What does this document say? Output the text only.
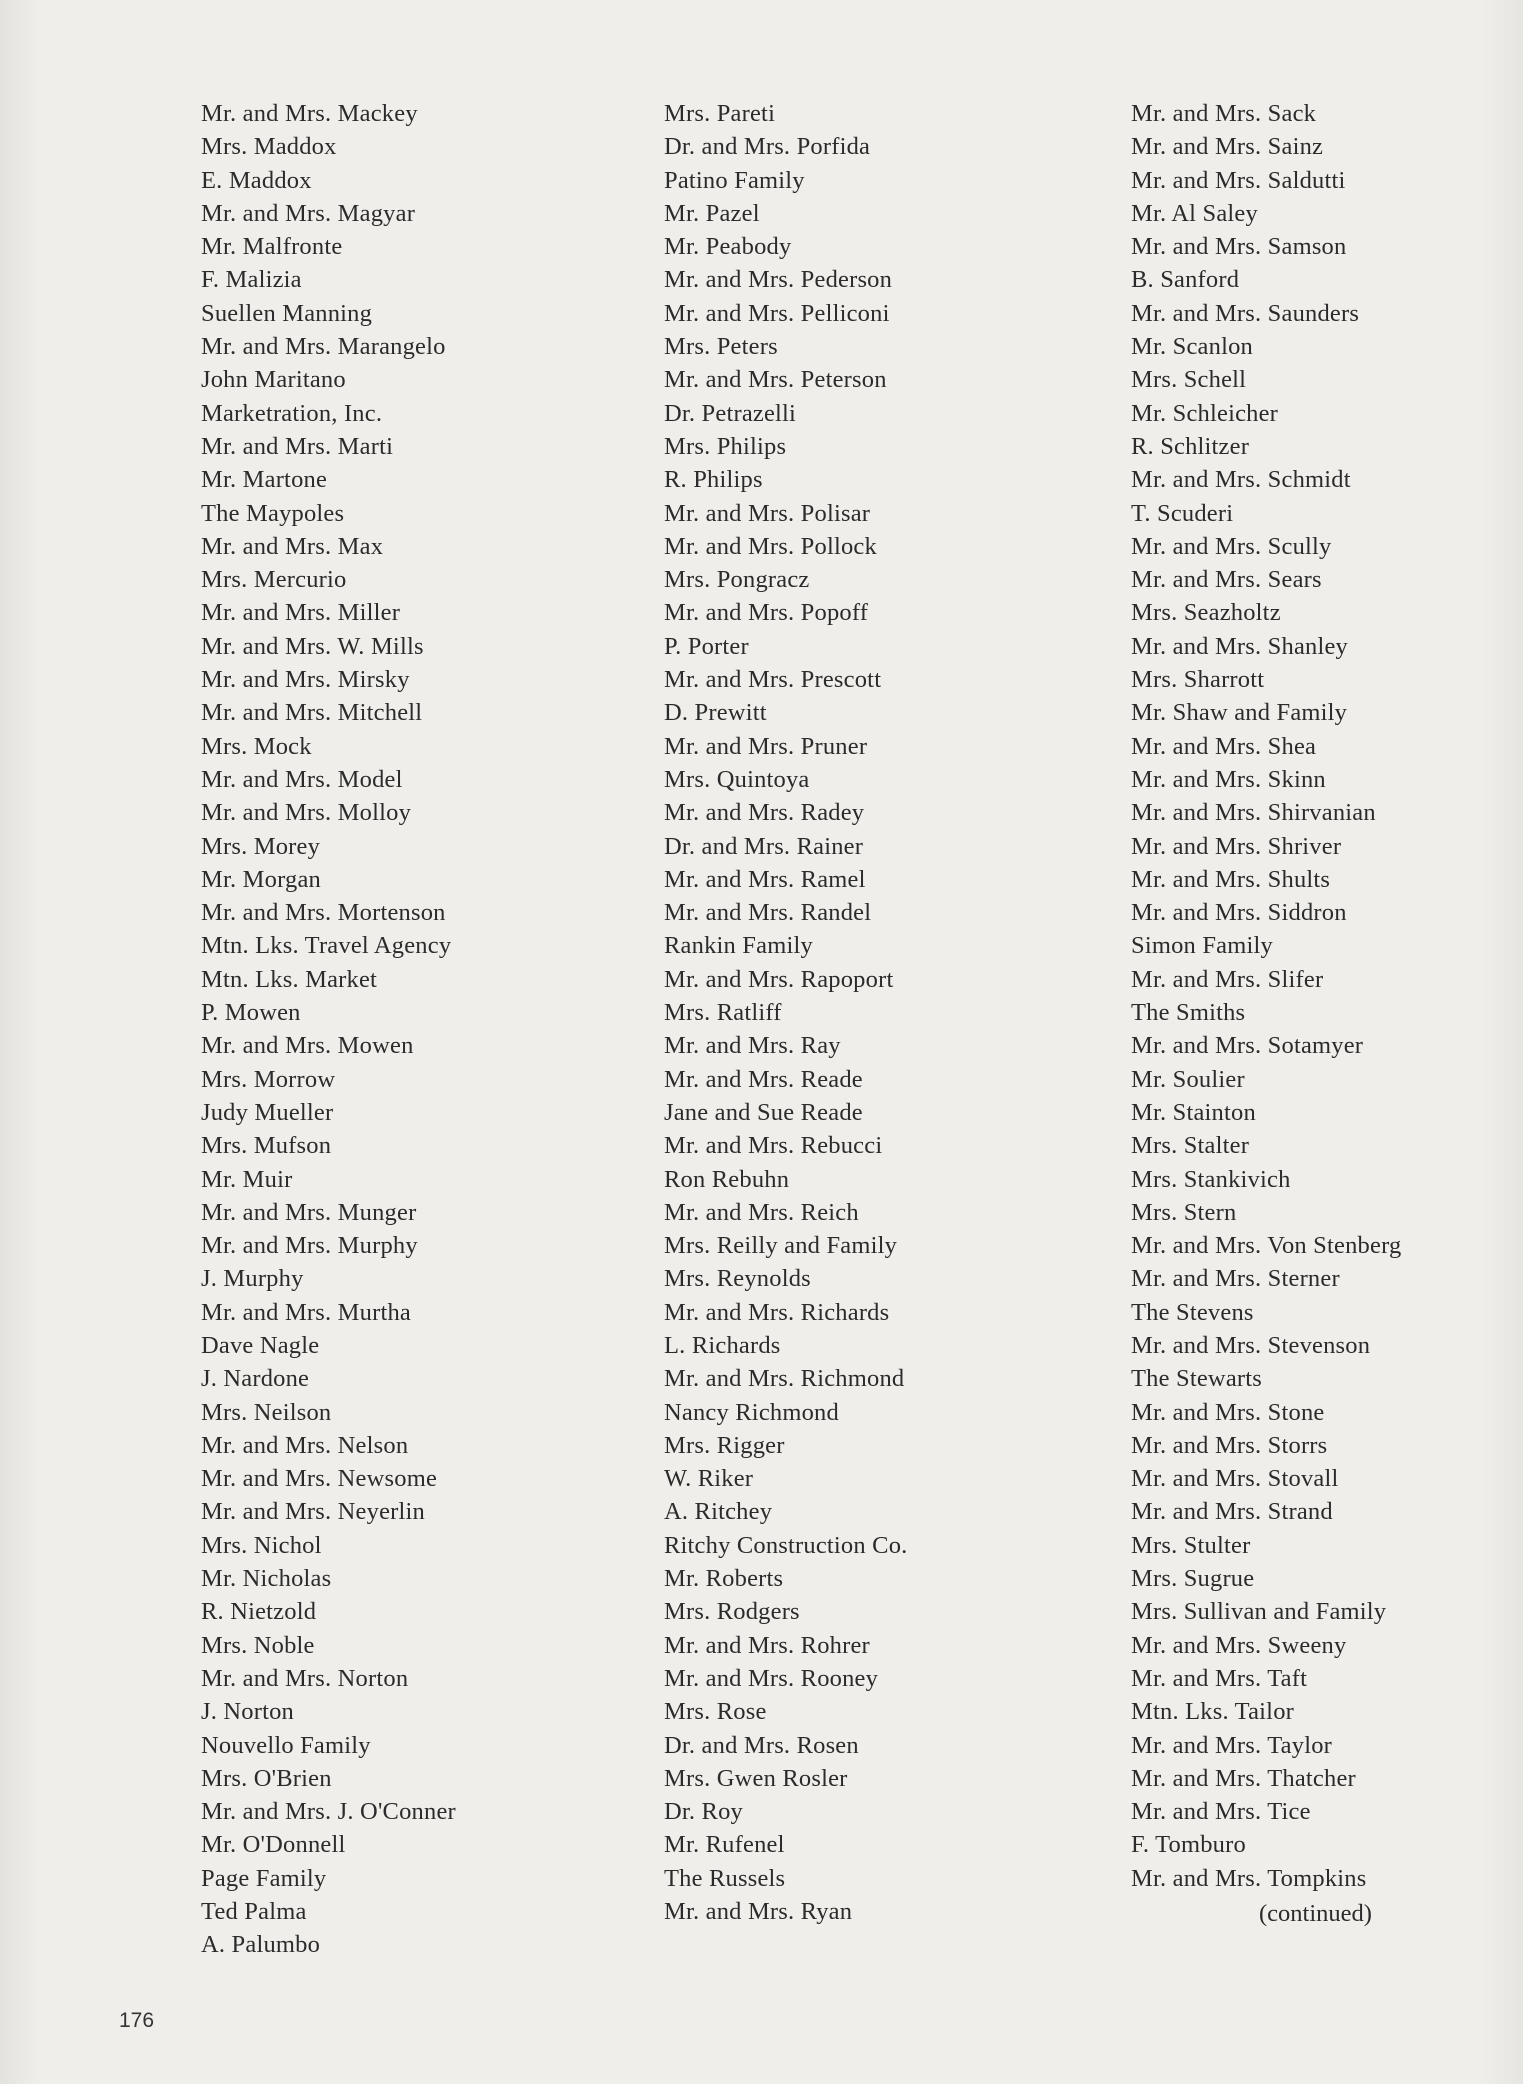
Mr. and Mrs. Mackey
Mrs. Maddox
E. Maddox
Mr. and Mrs. Magyar
Mr. Malfronte
F. Malizia
Suellen Manning
Mr. and Mrs. Marangelo
John Maritano
Marketration, Inc.
Mr. and Mrs. Marti
Mr. Martone
The Maypoles
Mr. and Mrs. Max
Mrs. Mercurio
Mr. and Mrs. Miller
Mr. and Mrs. W. Mills
Mr. and Mrs. Mirsky
Mr. and Mrs. Mitchell
Mrs. Mock
Mr. and Mrs. Model
Mr. and Mrs. Molloy
Mrs. Morey
Mr. Morgan
Mr. and Mrs. Mortenson
Mtn. Lks. Travel Agency
Mtn. Lks. Market
P. Mowen
Mr. and Mrs. Mowen
Mrs. Morrow
Judy Mueller
Mrs. Mufson
Mr. Muir
Mr. and Mrs. Munger
Mr. and Mrs. Murphy
J. Murphy
Mr. and Mrs. Murtha
Dave Nagle
J. Nardone
Mrs. Neilson
Mr. and Mrs. Nelson
Mr. and Mrs. Newsome
Mr. and Mrs. Neyerlin
Mrs. Nichol
Mr. Nicholas
R. Nietzold
Mrs. Noble
Mr. and Mrs. Norton
J. Norton
Nouvello Family
Mrs. O'Brien
Mr. and Mrs. J. O'Conner
Mr. O'Donnell
Page Family
Ted Palma
A. Palumbo
Mrs. Pareti
Dr. and Mrs. Porfida
Patino Family
Mr. Pazel
Mr. Peabody
Mr. and Mrs. Pederson
Mr. and Mrs. Pelliconi
Mrs. Peters
Mr. and Mrs. Peterson
Dr. Petrazelli
Mrs. Philips
R. Philips
Mr. and Mrs. Polisar
Mr. and Mrs. Pollock
Mrs. Pongracz
Mr. and Mrs. Popoff
P. Porter
Mr. and Mrs. Prescott
D. Prewitt
Mr. and Mrs. Pruner
Mrs. Quintoya
Mr. and Mrs. Radey
Dr. and Mrs. Rainer
Mr. and Mrs. Ramel
Mr. and Mrs. Randel
Rankin Family
Mr. and Mrs. Rapoport
Mrs. Ratliff
Mr. and Mrs. Ray
Mr. and Mrs. Reade
Jane and Sue Reade
Mr. and Mrs. Rebucci
Ron Rebuhn
Mr. and Mrs. Reich
Mrs. Reilly and Family
Mrs. Reynolds
Mr. and Mrs. Richards
L. Richards
Mr. and Mrs. Richmond
Nancy Richmond
Mrs. Rigger
W. Riker
A. Ritchey
Ritchy Construction Co.
Mr. Roberts
Mrs. Rodgers
Mr. and Mrs. Rohrer
Mr. and Mrs. Rooney
Mrs. Rose
Dr. and Mrs. Rosen
Mrs. Gwen Rosler
Dr. Roy
Mr. Rufenel
The Russels
Mr. and Mrs. Ryan
Mr. and Mrs. Sack
Mr. and Mrs. Sainz
Mr. and Mrs. Saldutti
Mr. Al Saley
Mr. and Mrs. Samson
B. Sanford
Mr. and Mrs. Saunders
Mr. Scanlon
Mrs. Schell
Mr. Schleicher
R. Schlitzer
Mr. and Mrs. Schmidt
T. Scuderi
Mr. and Mrs. Scully
Mr. and Mrs. Sears
Mrs. Seazholtz
Mr. and Mrs. Shanley
Mrs. Sharrott
Mr. Shaw and Family
Mr. and Mrs. Shea
Mr. and Mrs. Skinn
Mr. and Mrs. Shirvanian
Mr. and Mrs. Shriver
Mr. and Mrs. Shults
Mr. and Mrs. Siddron
Simon Family
Mr. and Mrs. Slifer
The Smiths
Mr. and Mrs. Sotamyer
Mr. Soulier
Mr. Stainton
Mrs. Stalter
Mrs. Stankivich
Mrs. Stern
Mr. and Mrs. Von Stenberg
Mr. and Mrs. Sterner
The Stevens
Mr. and Mrs. Stevenson
The Stewarts
Mr. and Mrs. Stone
Mr. and Mrs. Storrs
Mr. and Mrs. Stovall
Mr. and Mrs. Strand
Mrs. Stulter
Mrs. Sugrue
Mrs. Sullivan and Family
Mr. and Mrs. Sweeny
Mr. and Mrs. Taft
Mtn. Lks. Tailor
Mr. and Mrs. Taylor
Mr. and Mrs. Thatcher
Mr. and Mrs. Tice
F. Tomburo
Mr. and Mrs. Tompkins
(continued)
176
